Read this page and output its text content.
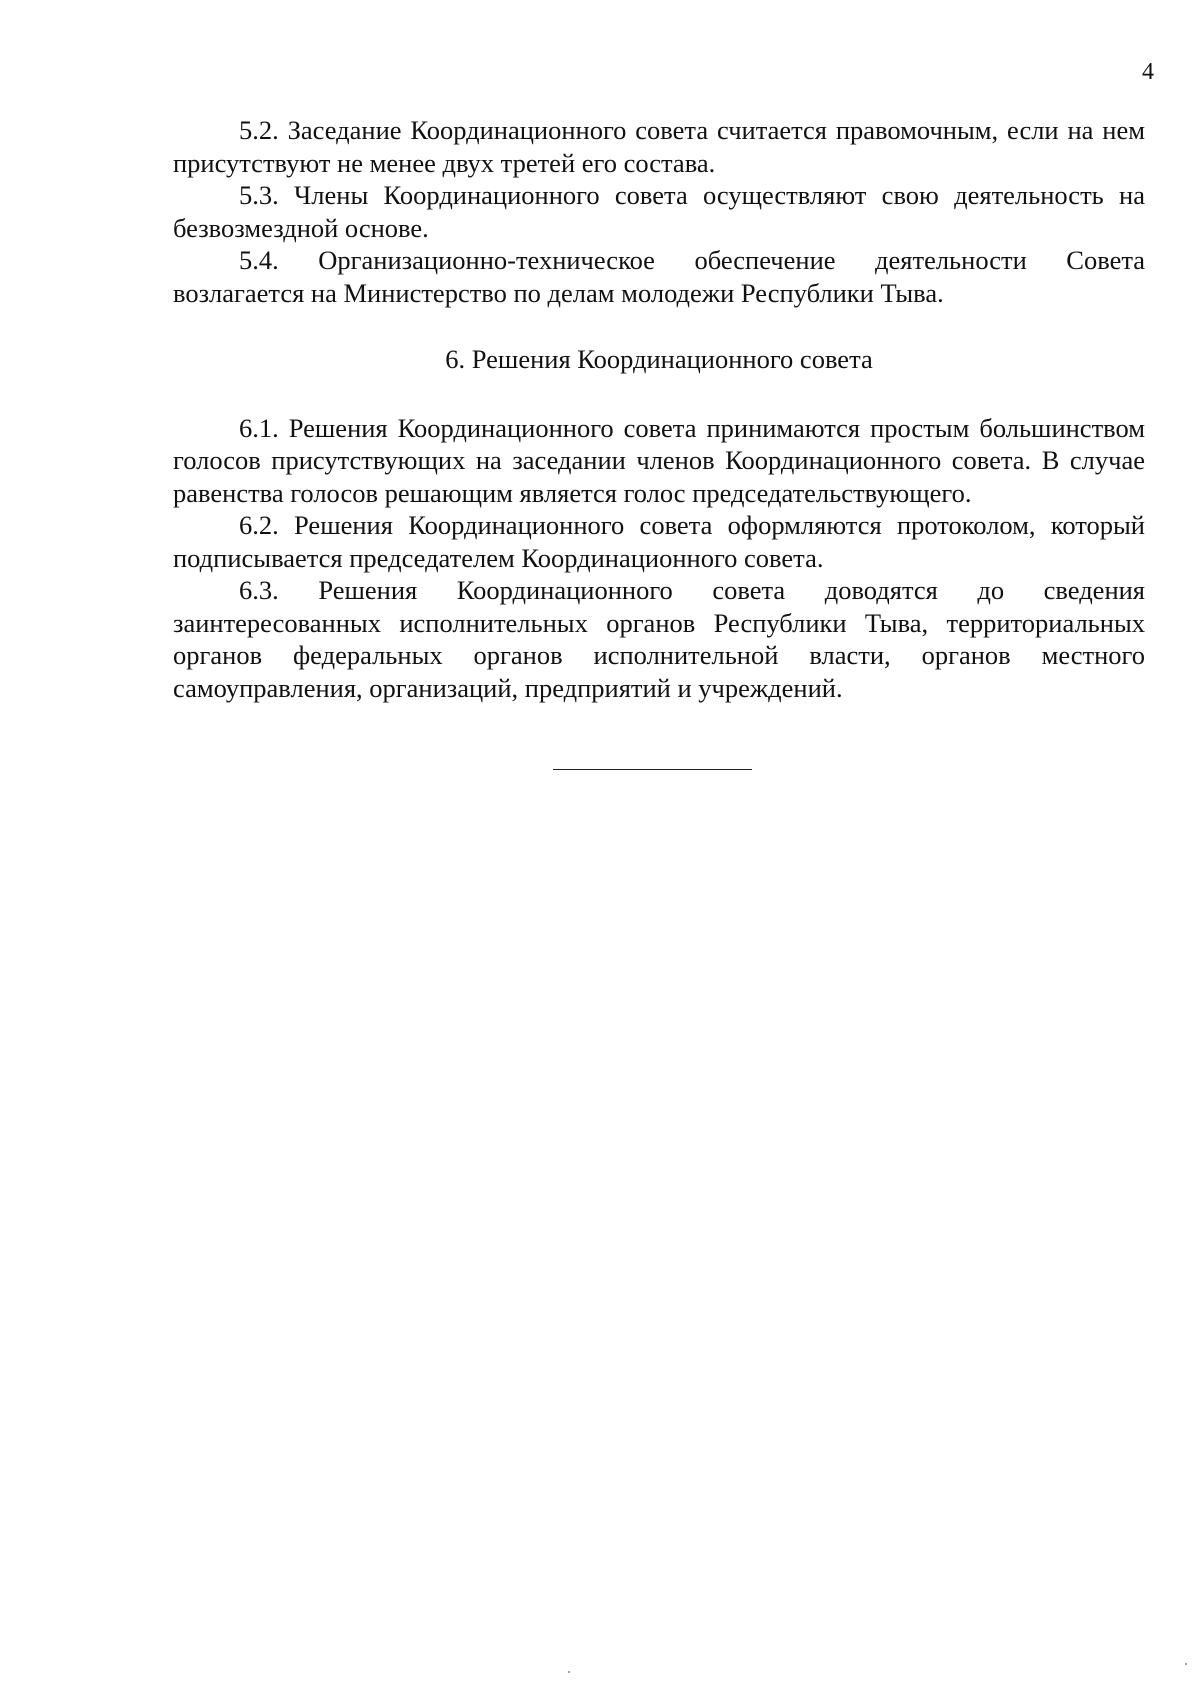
4

5.2. Заседание Координационного совета считается правомочным, если на нем присутствуют не менее двух третей его состава.

5.3. Члены Координационного совета осуществляют свою деятельность на безвозмездной основе.

5.4. Организационно-техническое обеспечение деятельности Совета возлагается на Министерство по делам молодежи Республики Тыва.

6. Решения Координационного совета

6.1. Решения Координационного совета принимаются простым большинством голосов присутствующих на заседании членов Координационного совета. В случае равенства голосов решающим является голос председательствующего.

6.2. Решения Координационного совета оформляются протоколом, который подписывается председателем Координационного совета.

6.3. Решения Координационного совета доводятся до сведения заинтересованных исполнительных органов Республики Тыва, территориальных органов федеральных органов исполнительной власти, органов местного самоуправления, организаций, предприятий и учреждений.
